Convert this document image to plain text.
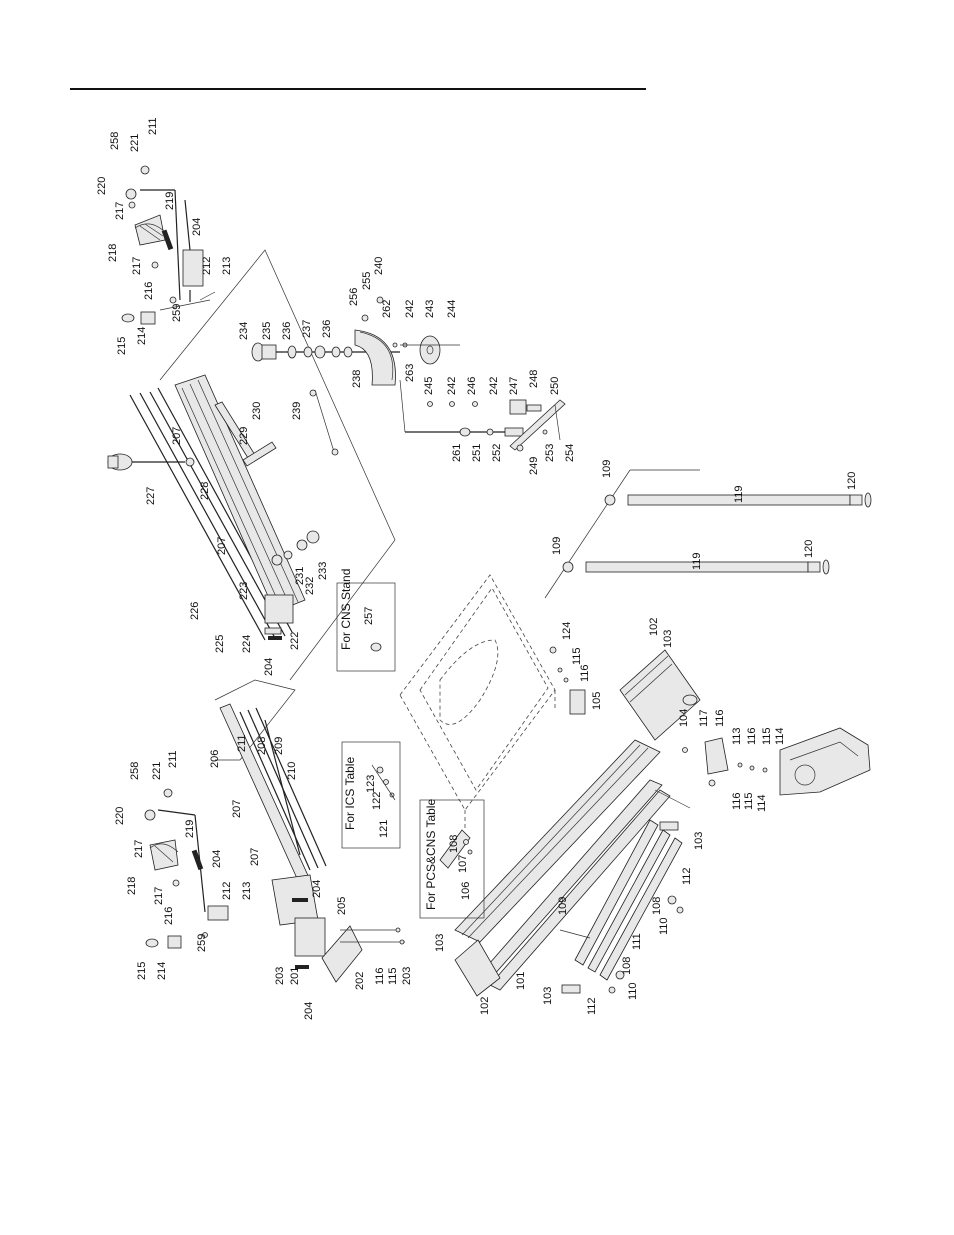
211
258 221
220
217
219
218
204
217
216
212 213
215
214
259
234 235 236 237 236
256
255
240
262 242 243 244
238	263
245 242 246 242 247 248 250
239
261 251 252
249
253 254
230
229
207
227	228
207
226
223
225 224	222
204
231
232
233
109
119
120
109
119
120
For CNS Stand 257
124
115
116
105
102
103
104 117 116
113 116 115 114
116 115 114
206
211 208 209
210
207
207
204
205
211
221
258
220
219
217
218
204
217
216
212 213
215 214
259
203 201	202 116 115 203
204
For ICS Table 123
122
121	For PCS&CNS Table 108
107
106
103
101
102
109
103
112
111
108
110
108
110
112
103
